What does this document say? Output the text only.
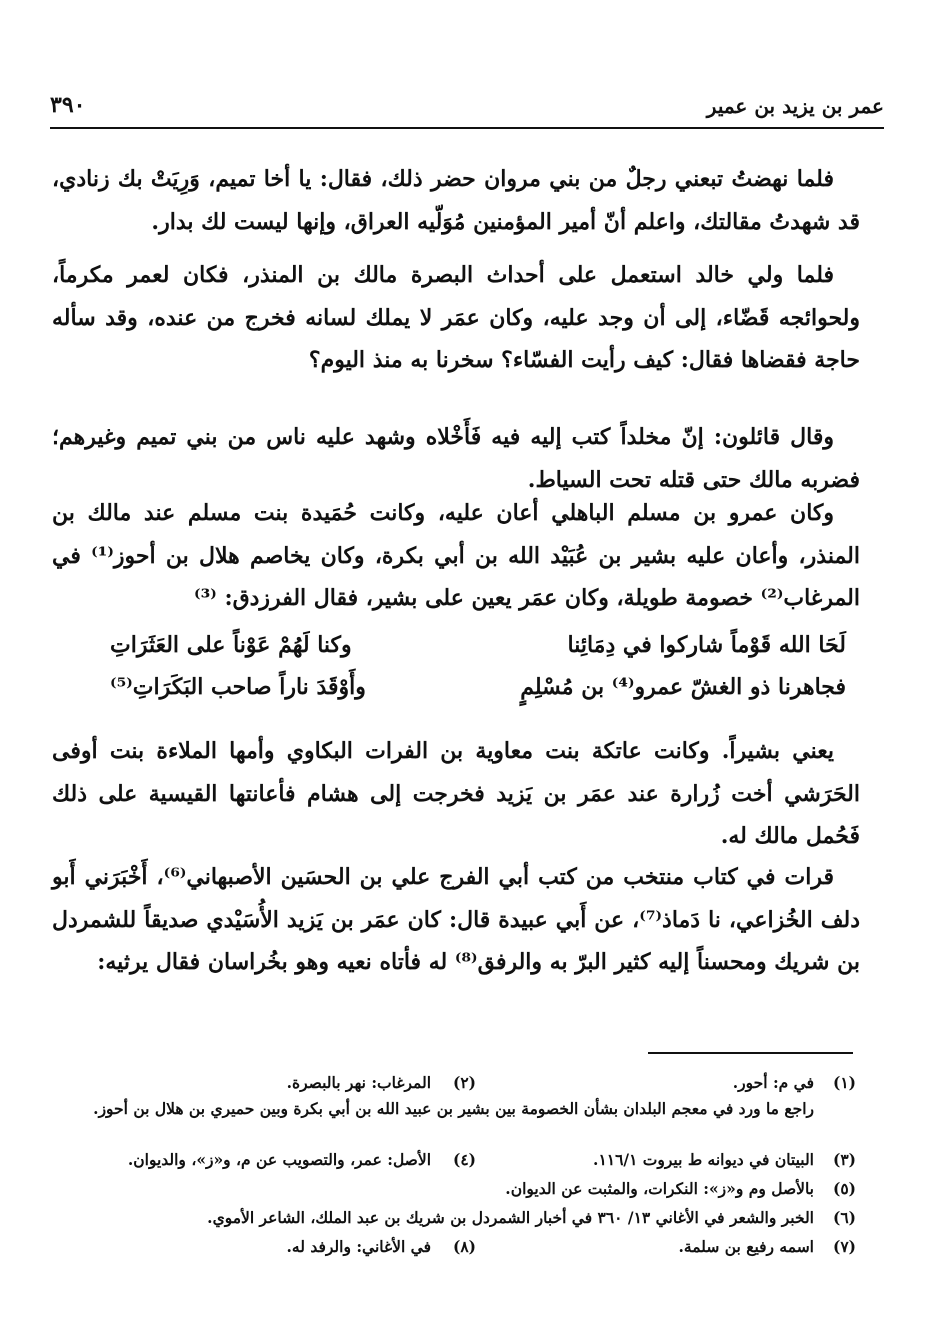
٣٩٠	عمر بن يزيد بن عمير
فلما نهضتُ تبعني رجلٌ من بني مروان حضر ذلك، فقال: يا أخا تميم، وَرِيَتْ بك زنادي، قد شهدتُ مقالتك، واعلم أنّ أمير المؤمنين مُوَلّيه العراق، وإنها ليست لك بدار.
فلما ولي خالد استعمل على أحداث البصرة مالك بن المنذر، فكان لعمر مكرماً، ولحوائجه قَضّاء، إلى أن وجد عليه، وكان عمَر لا يملك لسانه فخرج من عنده، وقد سأله حاجة فقضاها فقال: كيف رأيت الفسّاء؟ سخرنا به منذ اليوم؟
وقال قائلون: إنّ مخلداً كتب إليه فيه فَأَخْلاه وشهد عليه ناس من بني تميم وغيرهم؛ فضربه مالك حتى قتله تحت السياط.
وكان عمرو بن مسلم الباهلي أعان عليه، وكانت حُمَيدة بنت مسلم عند مالك بن المنذر، وأعان عليه بشير بن عُبَيْد الله بن أبي بكرة، وكان يخاصم هلال بن أحوز⁽¹⁾ في المرغاب⁽²⁾ خصومة طويلة، وكان عمَر يعين على بشير، فقال الفرزدق: ⁽³⁾
لَحَا الله قَوْماً شاركوا في دِمَائِنا
وكنا لَهُمْ عَوْناً على العَثَرَاتِ
فجاهرنا ذو الغشّ عمرو⁽⁴⁾ بن مُسْلِمٍ
وأَوْقَدَ ناراً صاحب البَكَرَاتِ⁽⁵⁾
يعني بشيراً. وكانت عاتكة بنت معاوية بن الفرات البكاوي وأمها الملاءة بنت أوفى الحَرَشي أخت زُرارة عند عمَر بن يَزيد فخرجت إلى هشام فأعانتها القيسية على ذلك فَحُمل مالك له.
قرات في كتاب منتخب من كتب أبي الفرج علي بن الحسَين الأصبهاني⁽⁶⁾، أَخْبَرَني أَبو دلف الخُزاعي، نا دَماذ⁽⁷⁾، عن أَبي عبيدة قال: كان عمَر بن يَزيد الأُسَيْدي صديقاً للشمردل بن شريك ومحسناً إليه كثير البرّ به والرفق⁽⁸⁾ له فأتاه نعيه وهو بخُراسان فقال يرثيه:
(١)
في م: أحور.
المرغاب: نهر بالبصرة. (٢)
راجع ما ورد في معجم البلدان بشأن الخصومة بين بشير بن عبيد الله بن أبي بكرة وبين حميري بن هلال بن أحوز.
(٣)
البيتان في ديوانه ط بيروت ١١٦/١.
(٤)
الأصل: عمر، والتصويب عن م، و«ز»، والديوان.
(٥)
بالأصل وم و«ز»: النكرات، والمثبت عن الديوان.
(٦)
الخبر والشعر في الأغاني ١٣/ ٣٦٠ في أخبار الشمردل بن شريك بن عبد الملك، الشاعر الأموي.
(٧)
اسمه رفيع بن سلمة.
(٨)
في الأغاني: والرفد له.
